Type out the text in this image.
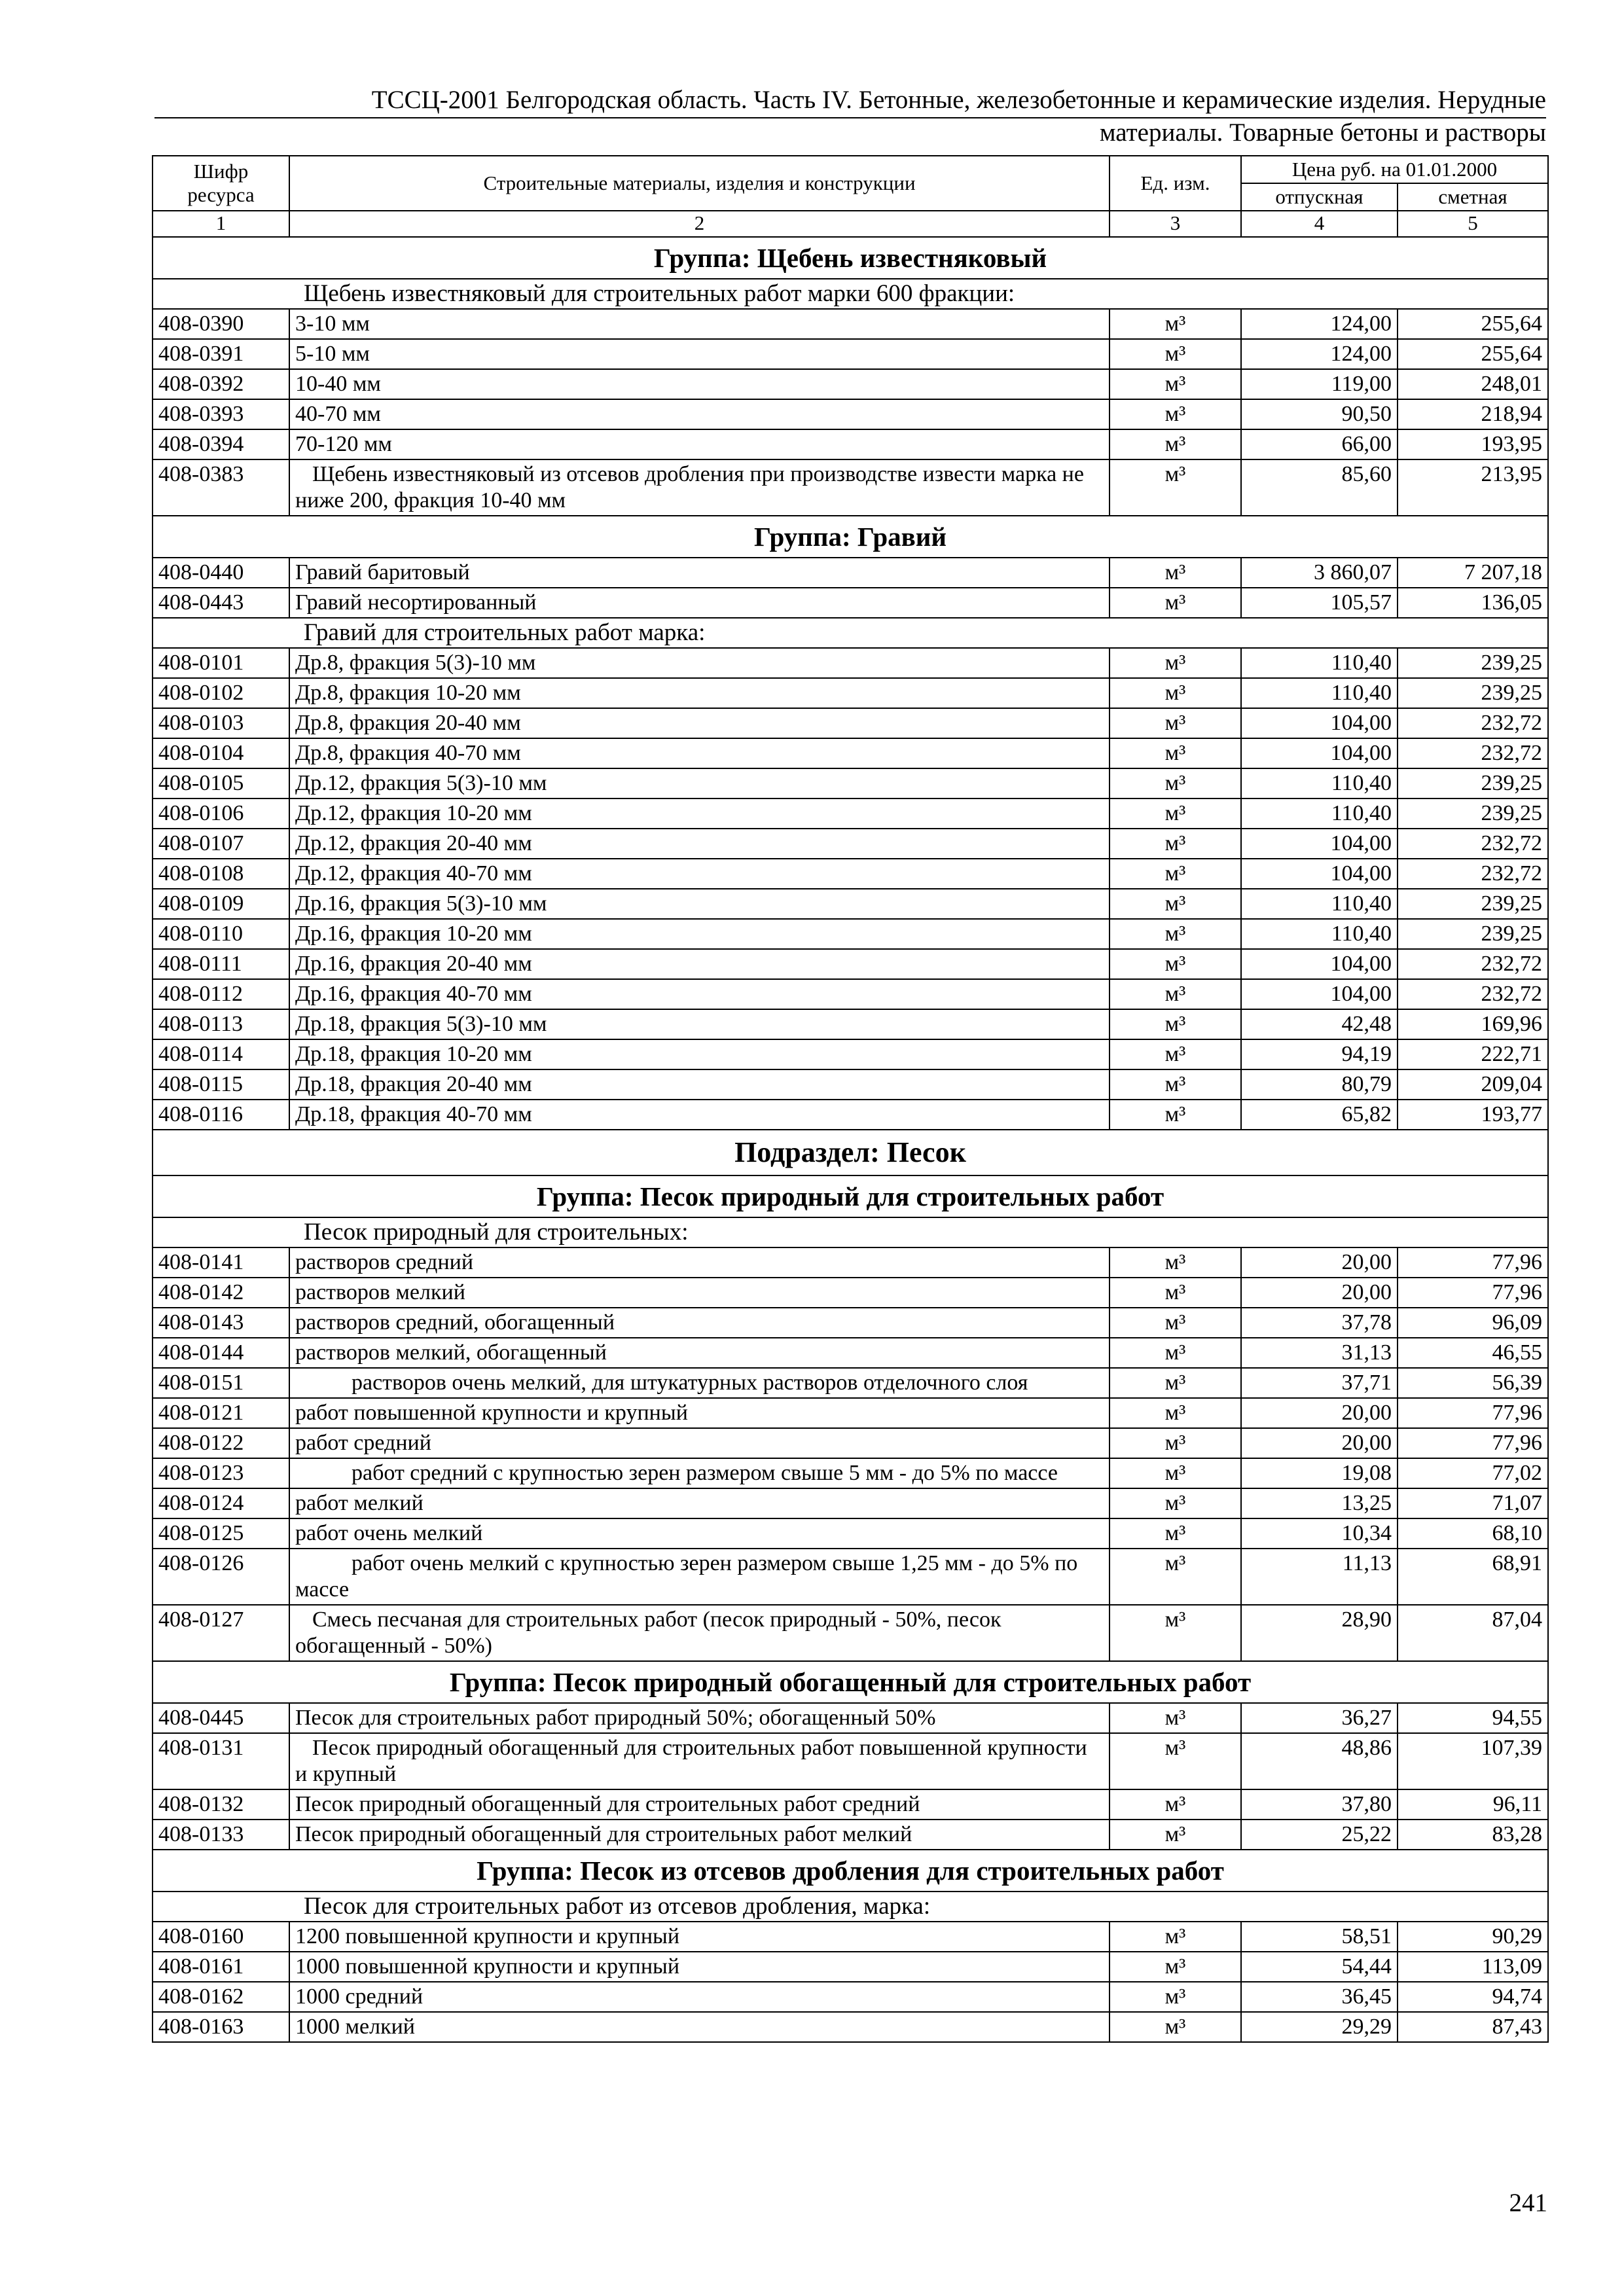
ТССЦ-2001 Белгородская область. Часть IV. Бетонные, железобетонные и керамические изделия. Нерудные
материалы. Товарные бетоны и растворы
Шифр ресурса	Строительные материалы, изделия и конструкции	Ед. изм.	Цена руб. на 01.01.2000	
			отпускная	сметная
1	2	3	4	5
Группа: Щебень известняковый				
Щебень известняковый для строительных работ марки 600 фракции:				
408-0390	3-10 мм	м³	124,00	255,64
408-0391	5-10 мм	м³	124,00	255,64
408-0392	10-40 мм	м³	119,00	248,01
408-0393	40-70 мм	м³	90,50	218,94
408-0394	70-120 мм	м³	66,00	193,95
408-0383	Щебень известняковый из отсевов дробления при производстве извести марка не ниже 200, фракция 10-40 мм	м³	85,60	213,95
Группа: Гравий				
408-0440	Гравий баритовый	м³	3 860,07	7 207,18
408-0443	Гравий несортированный	м³	105,57	136,05
Гравий для строительных работ марка:				
408-0101	Др.8, фракция 5(3)-10 мм	м³	110,40	239,25
408-0102	Др.8, фракция 10-20 мм	м³	110,40	239,25
408-0103	Др.8, фракция 20-40 мм	м³	104,00	232,72
408-0104	Др.8, фракция 40-70 мм	м³	104,00	232,72
408-0105	Др.12, фракция 5(3)-10 мм	м³	110,40	239,25
408-0106	Др.12, фракция 10-20 мм	м³	110,40	239,25
408-0107	Др.12, фракция 20-40 мм	м³	104,00	232,72
408-0108	Др.12, фракция 40-70 мм	м³	104,00	232,72
408-0109	Др.16, фракция 5(3)-10 мм	м³	110,40	239,25
408-0110	Др.16, фракция 10-20 мм	м³	110,40	239,25
408-0111	Др.16, фракция 20-40 мм	м³	104,00	232,72
408-0112	Др.16, фракция 40-70 мм	м³	104,00	232,72
408-0113	Др.18, фракция 5(3)-10 мм	м³	42,48	169,96
408-0114	Др.18, фракция 10-20 мм	м³	94,19	222,71
408-0115	Др.18, фракция 20-40 мм	м³	80,79	209,04
408-0116	Др.18, фракция 40-70 мм	м³	65,82	193,77
Подраздел: Песок				
Группа: Песок природный для строительных работ				
Песок природный для строительных:				
408-0141	растворов средний	м³	20,00	77,96
408-0142	растворов мелкий	м³	20,00	77,96
408-0143	растворов средний, обогащенный	м³	37,78	96,09
408-0144	растворов мелкий, обогащенный	м³	31,13	46,55
408-0151	растворов очень мелкий, для штукатурных растворов отделочного слоя	м³	37,71	56,39
408-0121	работ повышенной крупности и крупный	м³	20,00	77,96
408-0122	работ средний	м³	20,00	77,96
408-0123	работ средний с крупностью зерен размером свыше 5 мм - до 5% по массе	м³	19,08	77,02
408-0124	работ мелкий	м³	13,25	71,07
408-0125	работ очень мелкий	м³	10,34	68,10
408-0126	работ очень мелкий с крупностью зерен размером свыше 1,25 мм - до 5% по массе	м³	11,13	68,91
408-0127	Смесь песчаная для строительных работ (песок природный - 50%, песок обогащенный - 50%)	м³	28,90	87,04
Группа: Песок природный обогащенный для строительных работ				
408-0445	Песок для строительных работ природный 50%; обогащенный 50%	м³	36,27	94,55
408-0131	Песок природный обогащенный для строительных работ повышенной крупности и крупный	м³	48,86	107,39
408-0132	Песок природный обогащенный для строительных работ средний	м³	37,80	96,11
408-0133	Песок природный обогащенный для строительных работ мелкий	м³	25,22	83,28
Группа: Песок из отсевов дробления для строительных работ				
Песок для строительных работ из отсевов дробления, марка:				
408-0160	1200 повышенной крупности и крупный	м³	58,51	90,29
408-0161	1000 повышенной крупности и крупный	м³	54,44	113,09
408-0162	1000 средний	м³	36,45	94,74
408-0163	1000 мелкий	м³	29,29	87,43
241
